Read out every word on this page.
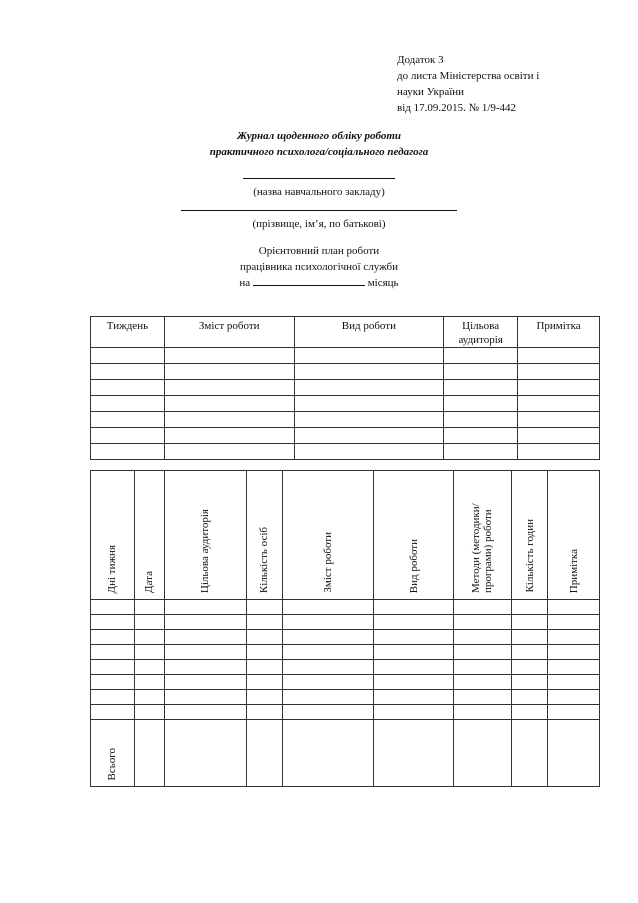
Додаток 3
до листа Міністерства освіти і
науки України
від 17.09.2015. № 1/9-442
Журнал щоденного обліку роботи
практичного психолога/соціального педагога
(назва навчального закладу)
(прізвище, ім’я, по батькові)
Орієнтовний план роботи
працівника психологічної служби
на	місяць
Тиждень	Зміст роботи	Вид роботи	Цільова аудиторія	Примітка

Дні тижня	Дата	Цільова аудиторія	Кількість осіб	Зміст роботи	Вид роботи	Методи (методики/ програми) роботи	Кількість годин	Примітка

Всього								
